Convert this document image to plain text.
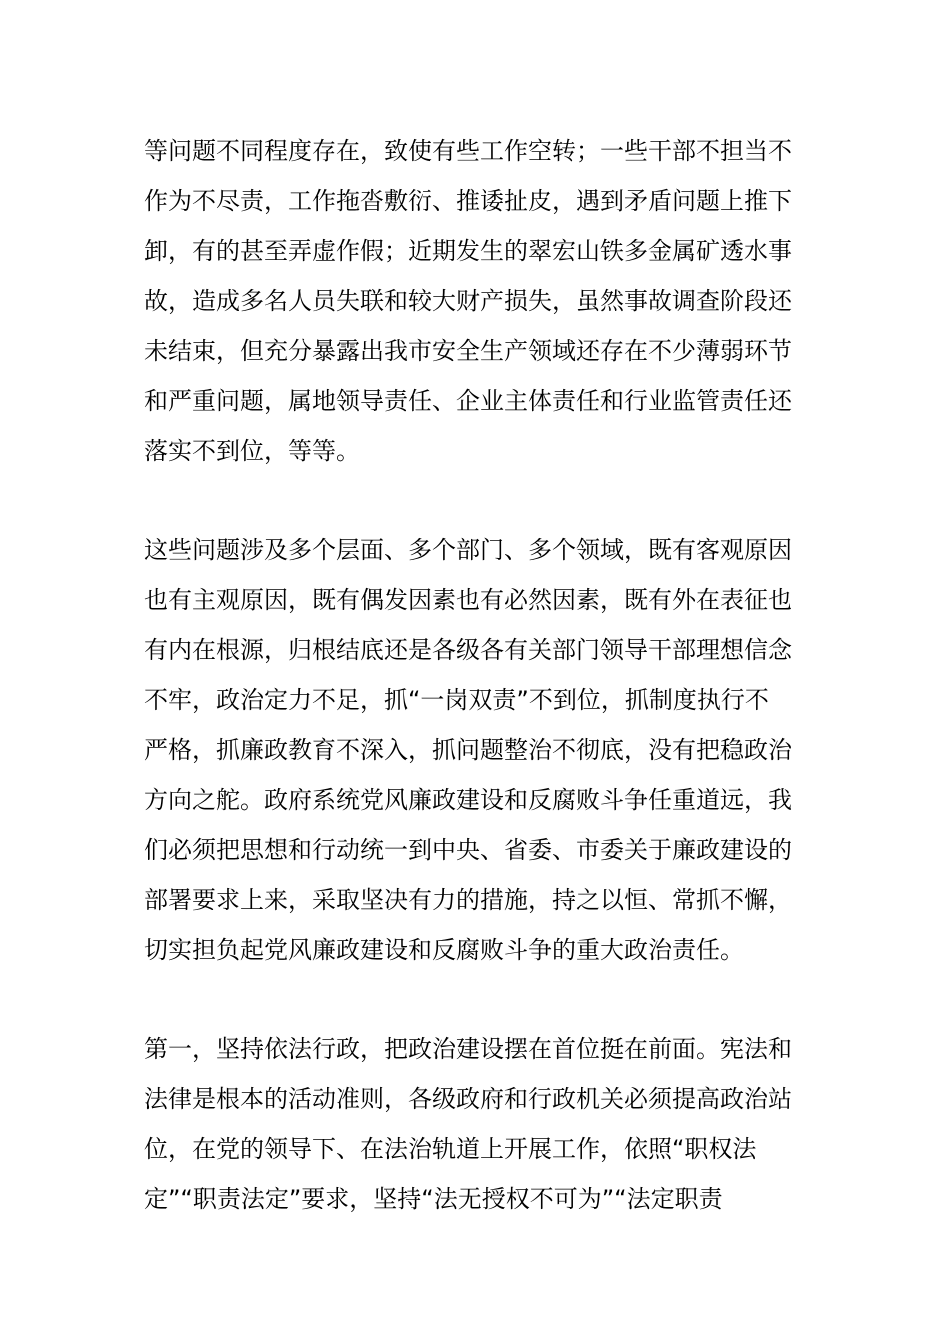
等问题不同程度存在，致使有些工作空转；一些干部不担当不
作为不尽责，工作拖沓敷衍、推诿扯皮，遇到矛盾问题上推下
卸，有的甚至弄虚作假；近期发生的翠宏山铁多金属矿透水事
故，造成多名人员失联和较大财产损失，虽然事故调查阶段还
未结束，但充分暴露出我市安全生产领域还存在不少薄弱环节
和严重问题，属地领导责任、企业主体责任和行业监管责任还
落实不到位，等等。
这些问题涉及多个层面、多个部门、多个领域，既有客观原因
也有主观原因，既有偶发因素也有必然因素，既有外在表征也
有内在根源，归根结底还是各级各有关部门领导干部理想信念
不牢，政治定力不足，抓“一岗双责”不到位，抓制度执行不
严格，抓廉政教育不深入，抓问题整治不彻底，没有把稳政治
方向之舵。政府系统党风廉政建设和反腐败斗争任重道远，我
们必须把思想和行动统一到中央、省委、市委关于廉政建设的
部署要求上来，采取坚决有力的措施，持之以恒、常抓不懈，
切实担负起党风廉政建设和反腐败斗争的重大政治责任。
第一，坚持依法行政，把政治建设摆在首位挺在前面。宪法和
法律是根本的活动准则，各级政府和行政机关必须提高政治站
位，在党的领导下、在法治轨道上开展工作，依照“职权法
定”“职责法定”要求，坚持“法无授权不可为”“法定职责
